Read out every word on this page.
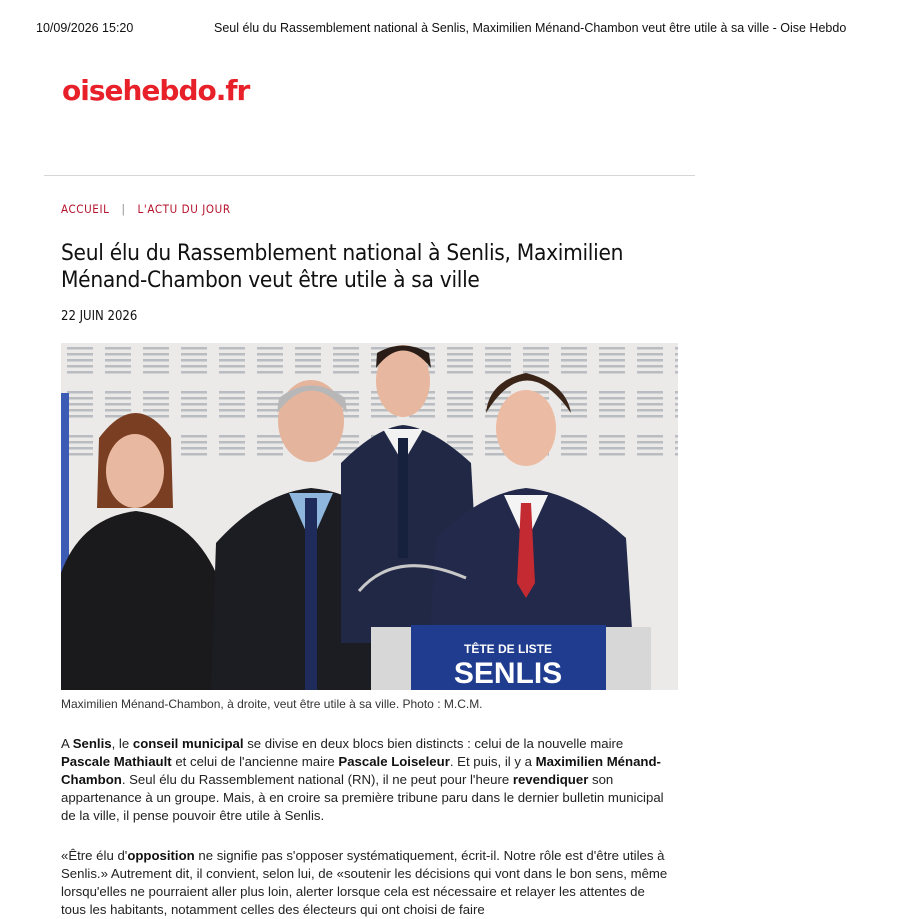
10/09/2026 15:20	Seul élu du Rassemblement national à Senlis, Maximilien Ménand-Chambon veut être utile à sa ville - Oise Hebdo
oisehebdo.fr
ACCUEIL | L'ACTU DU JOUR
Seul élu du Rassemblement national à Senlis, Maximilien Ménand-Chambon veut être utile à sa ville
22 JUIN 2026
TÊTE DE LISTE
SENLIS
Maximilien Ménand-Chambon, à droite, veut être utile à sa ville. Photo : M.C.M.

A Senlis, le conseil municipal se divise en deux blocs bien distincts : celui de la nouvelle maire Pascale Mathiault et celui de l'ancienne maire Pascale Loiseleur. Et puis, il y a Maximilien Ménand-Chambon. Seul élu du Rassemblement national (RN), il ne peut pour l'heure revendiquer son appartenance à un groupe. Mais, à en croire sa première tribune paru dans le dernier bulletin municipal de la ville, il pense pouvoir être utile à Senlis.

«Être élu d'opposition ne signifie pas s'opposer systématiquement, écrit-il. Notre rôle est d'être utiles à Senlis.» Autrement dit, il convient, selon lui, de «soutenir les décisions qui vont dans le bon sens, même lorsqu'elles ne pourraient aller plus loin, alerter lorsque cela est nécessaire et relayer les attentes de tous les habitants, notamment celles des électeurs qui ont choisi de faire
